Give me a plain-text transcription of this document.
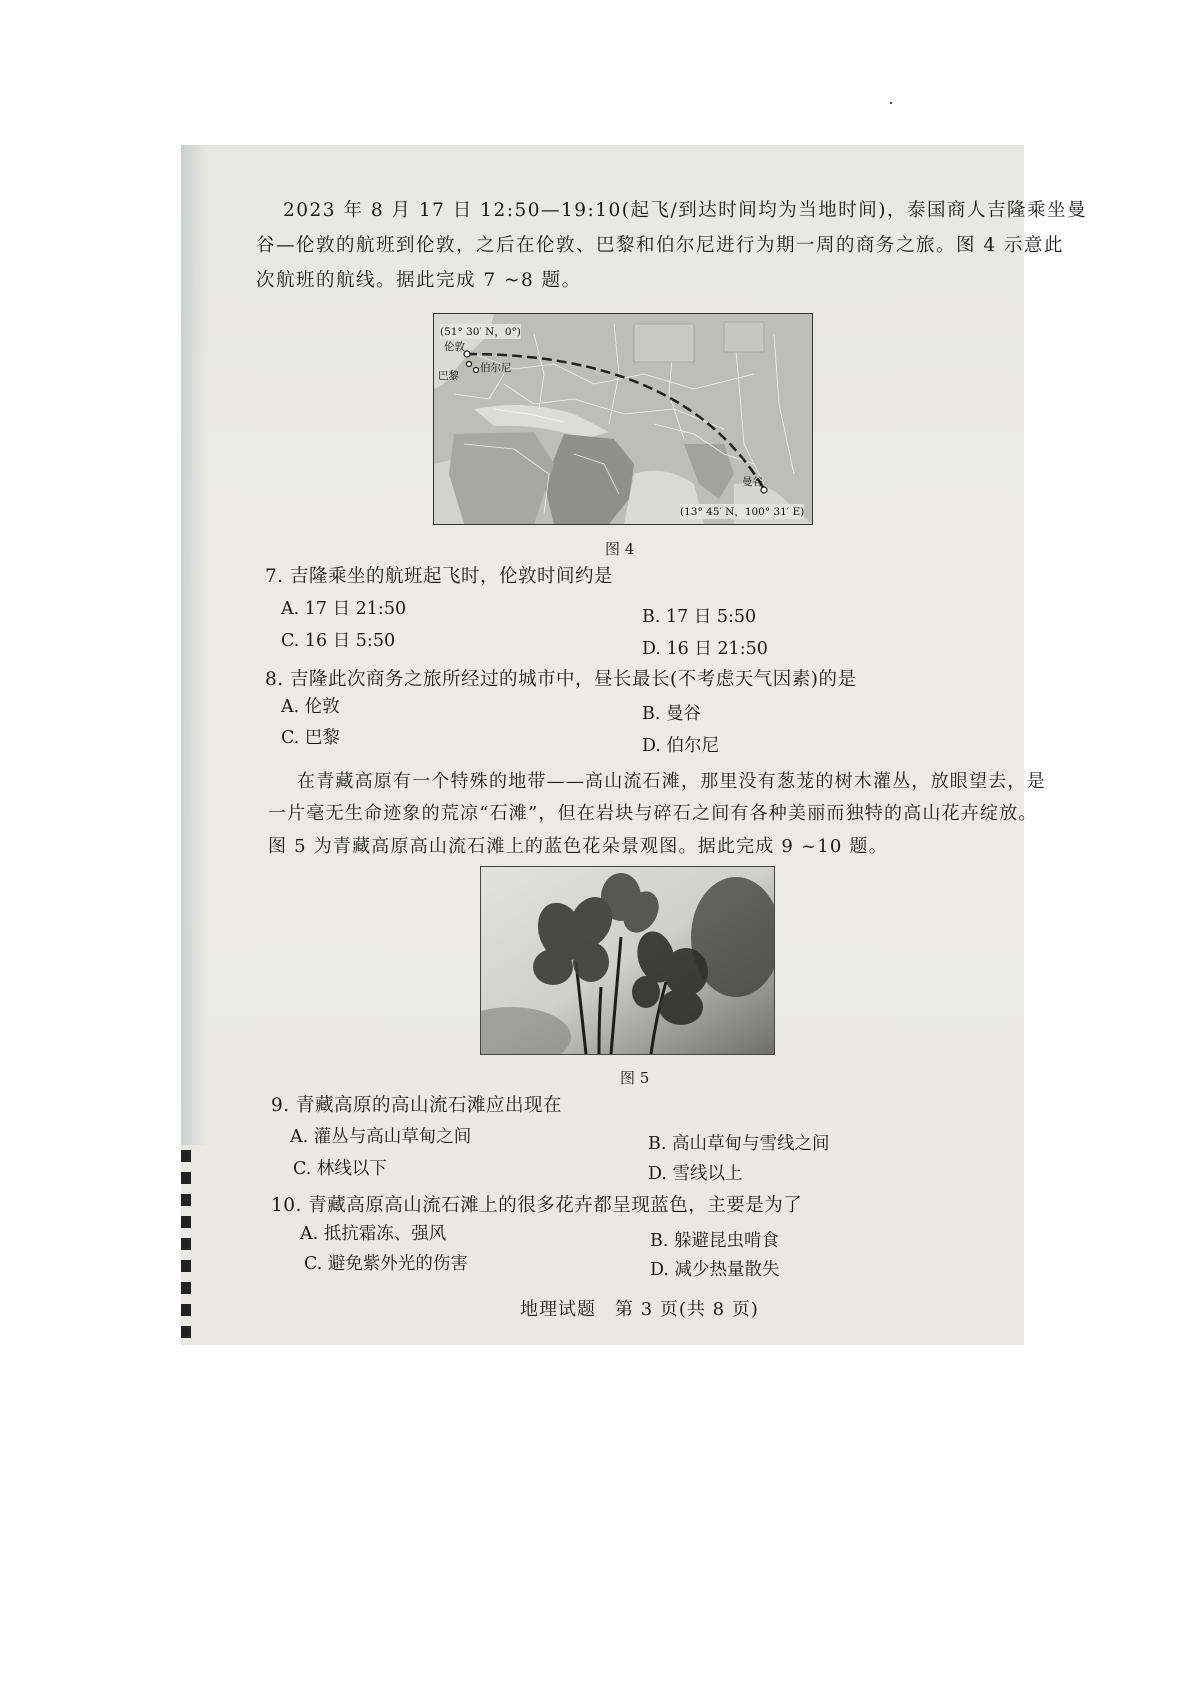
2023 年 8 月 17 日 12:50—19:10(起飞/到达时间均为当地时间)，泰国商人吉隆乘坐曼
谷—伦敦的航班到伦敦，之后在伦敦、巴黎和伯尔尼进行为期一周的商务之旅。图 4 示意此
次航班的航线。据此完成 7 ~8 题。
(51° 30′ N，0°)
伦敦
巴黎
伯尔尼
曼谷
(13° 45′ N，100° 31′ E)
图 4
7. 吉隆乘坐的航班起飞时，伦敦时间约是
A. 17 日 21:50	B. 17 日 5:50
C. 16 日 5:50	D. 16 日 21:50
8. 吉隆此次商务之旅所经过的城市中，昼长最长(不考虑天气因素)的是
A. 伦敦	B. 曼谷
C. 巴黎	D. 伯尔尼
在青藏高原有一个特殊的地带——高山流石滩，那里没有葱茏的树木灌丛，放眼望去，是
一片毫无生命迹象的荒凉“石滩”，但在岩块与碎石之间有各种美丽而独特的高山花卉绽放。
图 5 为青藏高原高山流石滩上的蓝色花朵景观图。据此完成 9 ~10 题。
图 5
9. 青藏高原的高山流石滩应出现在
A. 灌丛与高山草甸之间	B. 高山草甸与雪线之间
C. 林线以下	D. 雪线以上
10. 青藏高原高山流石滩上的很多花卉都呈现蓝色，主要是为了
A. 抵抗霜冻、强风	B. 躲避昆虫啃食
C. 避免紫外光的伤害	D. 减少热量散失
地理试题　第 3 页(共 8 页)
